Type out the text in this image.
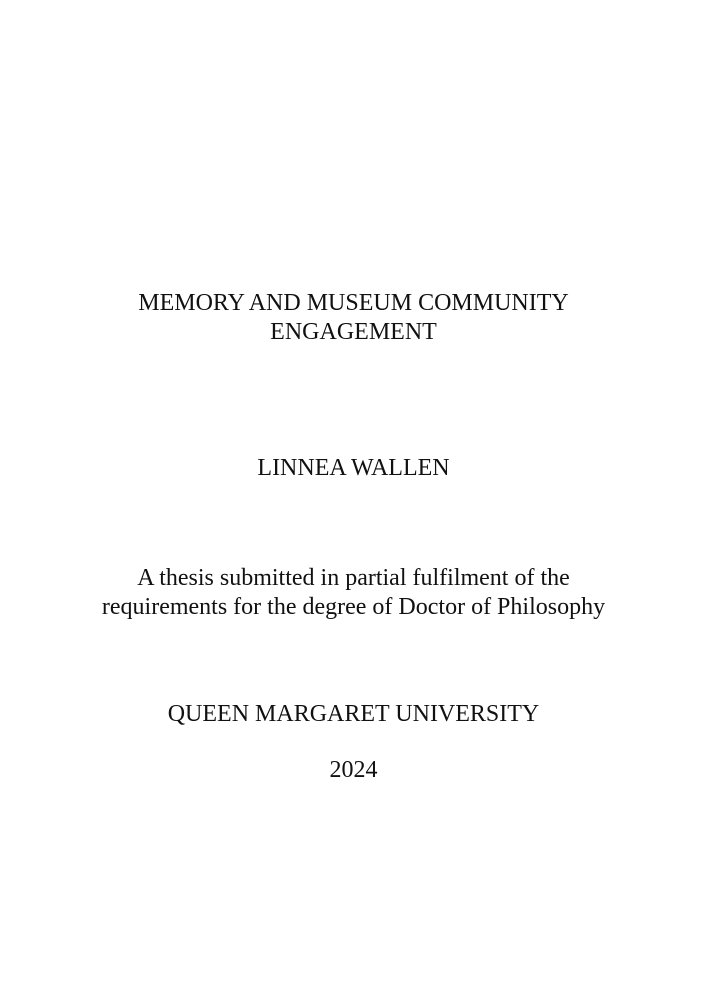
MEMORY AND MUSEUM COMMUNITY
ENGAGEMENT
LINNEA WALLEN
A thesis submitted in partial fulfilment of the
requirements for the degree of Doctor of Philosophy
QUEEN MARGARET UNIVERSITY
2024
